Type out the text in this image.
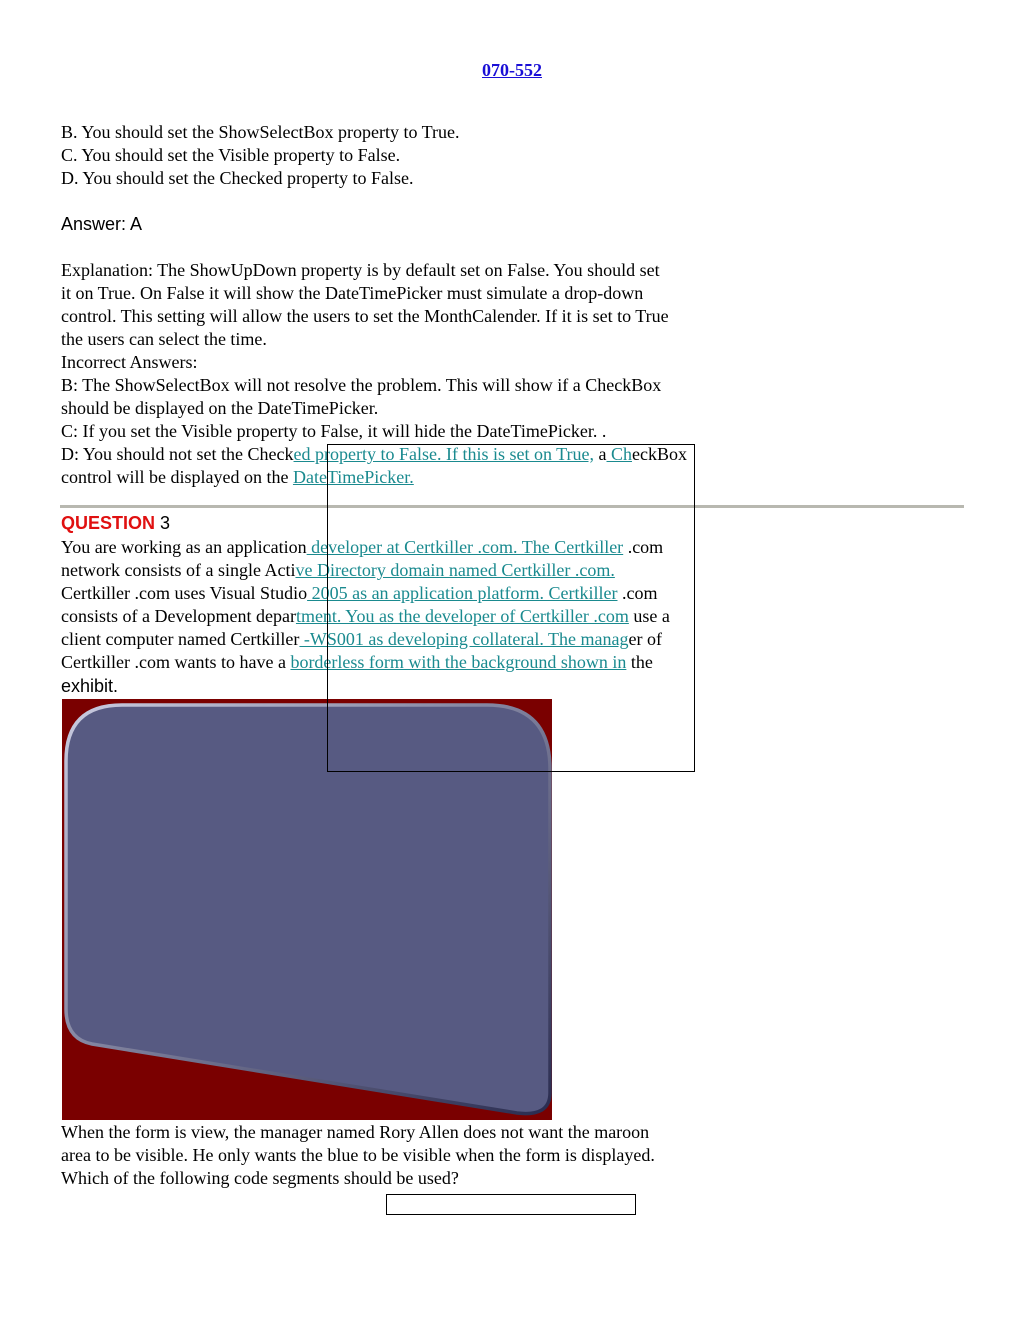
070-552
B. You should set the ShowSelectBox property to True.
C. You should set the Visible property to False.
D. You should set the Checked property to False.
Answer: A
Explanation: The ShowUpDown property is by default set on False. You should set
it on True. On False it will show the DateTimePicker must simulate a drop-down
control. This setting will allow the users to set the MonthCalender. If it is set to True
the users can select the time.
Incorrect Answers:
B: The ShowSelectBox will not resolve the problem. This will show if a CheckBox
should be displayed on the DateTimePicker.
C: If you set the Visible property to False, it will hide the DateTimePicker. .
D: You should not set the Checked property to False. If this is set on True, a CheckBox
control will be displayed on the DateTimePicker.
QUESTION 3
You are working as an application developer at Certkiller .com. The Certkiller .com
network consists of a single Active Directory domain named Certkiller .com.
Certkiller .com uses Visual Studio 2005 as an application platform. Certkiller .com
consists of a Development department. You as the developer of Certkiller .com use a
client computer named Certkiller -WS001 as developing collateral. The manager of
Certkiller .com wants to have a borderless form with the background shown in the
exhibit.
When the form is view, the manager named Rory Allen does not want the maroon
area to be visible. He only wants the blue to be visible when the form is displayed.
Which of the following code segments should be used?
